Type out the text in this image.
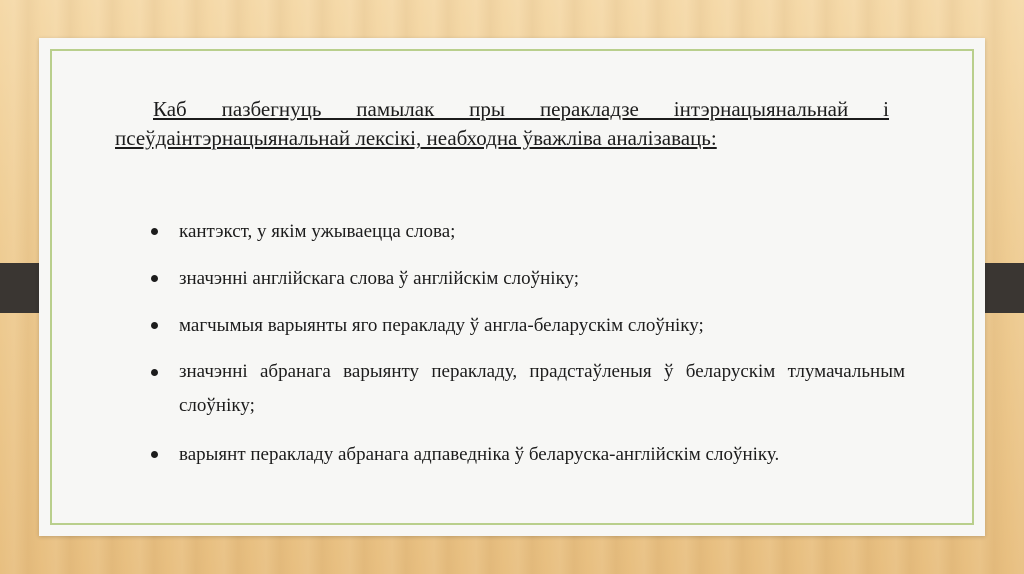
Каб пазбегнуць памылак пры перакладзе інтэрнацыянальнай і псеўдаінтэрнацыянальнай лексікі, неабходна ўважліва аналізаваць:

кантэкст, у якім ужываецца слова;
значэнні англійскага слова ў англійскім слоўніку;
магчымыя варыянты яго перакладу ў англа-беларускім слоўніку;
значэнні абранага варыянту перакладу, прадстаўленыя ў беларускім тлумачальным слоўніку;
варыянт перакладу абранага адпаведніка ў беларуска-англійскім слоўніку.
